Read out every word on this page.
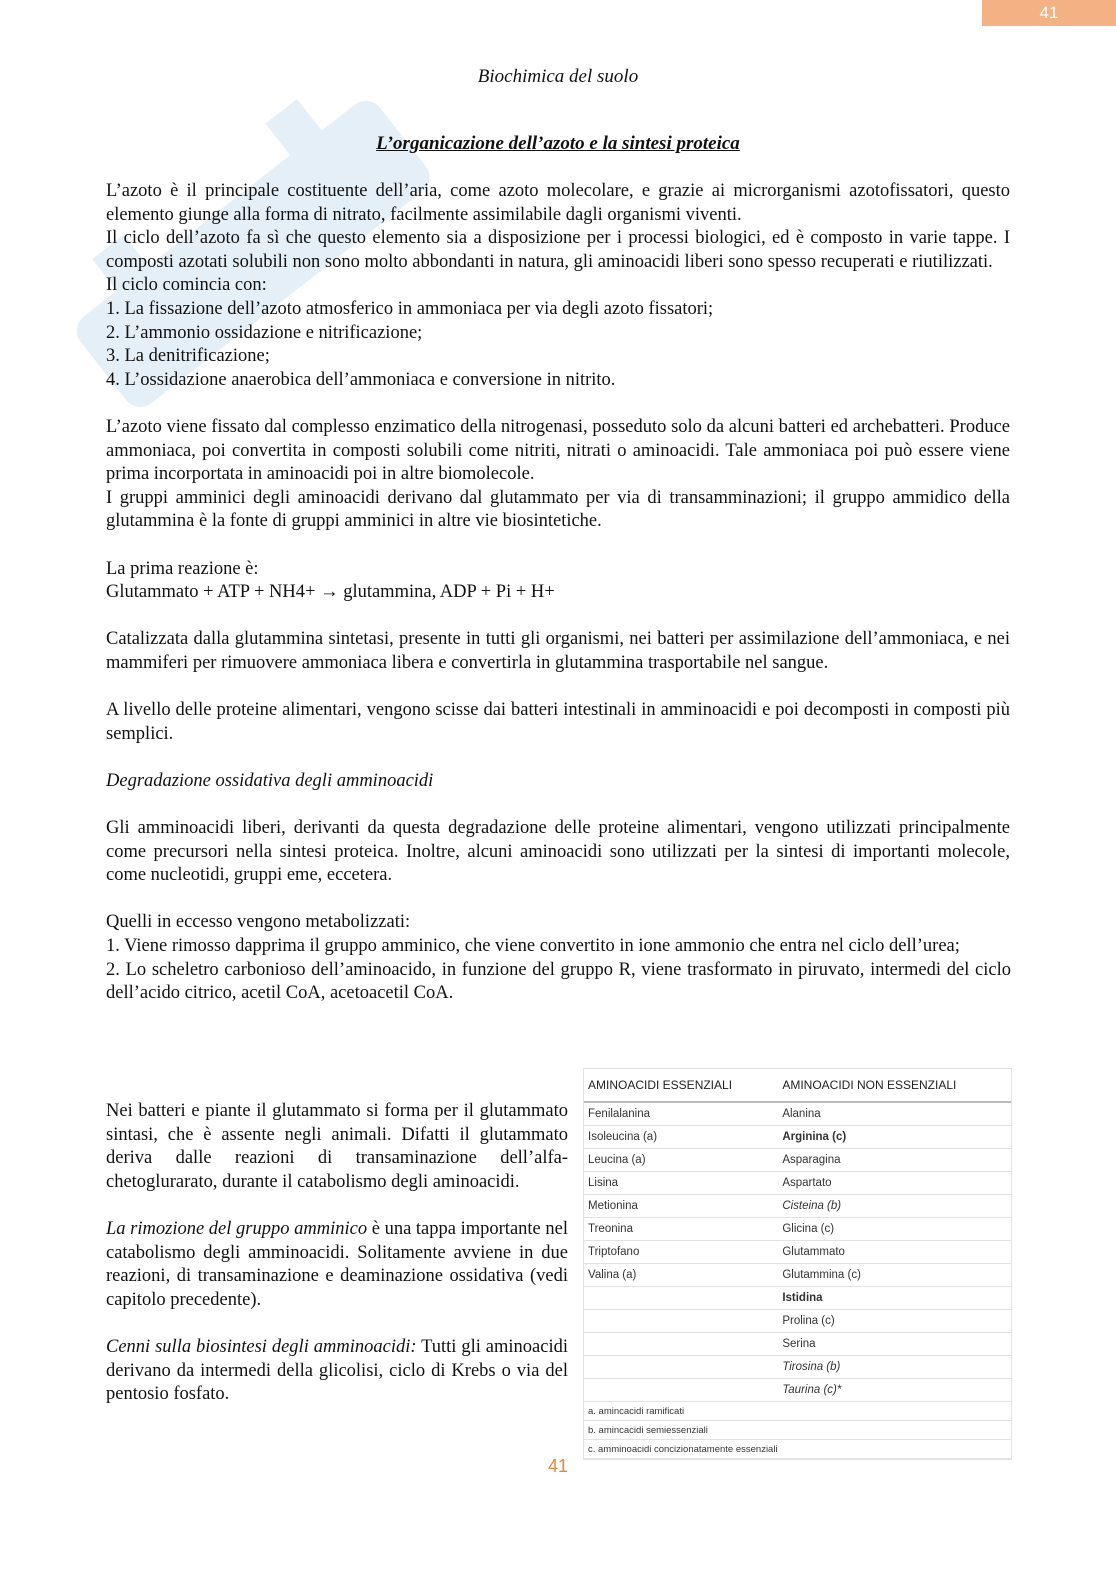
41
Biochimica del suolo
L’organicazione dell’azoto e la sintesi proteica

L’azoto è il principale costituente dell’aria, come azoto molecolare, e grazie ai microrganismi azotofissatori, questo elemento giunge alla forma di nitrato, facilmente assimilabile dagli organismi viventi.

Il ciclo dell’azoto fa sì che questo elemento sia a disposizione per i processi biologici, ed è composto in varie tappe. I composti azotati solubili non sono molto abbondanti in natura, gli aminoacidi liberi sono spesso recuperati e riutilizzati.

Il ciclo comincia con:

1. La fissazione dell’azoto atmosferico in ammoniaca per via degli azoto fissatori;

2. L’ammonio ossidazione e nitrificazione;

3. La denitrificazione;

4. L’ossidazione anaerobica dell’ammoniaca e conversione in nitrito.

L’azoto viene fissato dal complesso enzimatico della nitrogenasi, posseduto solo da alcuni batteri ed archebatteri. Produce ammoniaca, poi convertita in composti solubili come nitriti, nitrati o aminoacidi. Tale ammoniaca poi può essere viene prima incorportata in aminoacidi poi in altre biomolecole.

I gruppi amminici degli aminoacidi derivano dal glutammato per via di transamminazioni; il gruppo ammidico della glutammina è la fonte di gruppi amminici in altre vie biosintetiche.

La prima reazione è:

Glutammato + ATP + NH4+ → glutammina, ADP + Pi + H+

Catalizzata dalla glutammina sintetasi, presente in tutti gli organismi, nei batteri per assimilazione dell’ammoniaca, e nei mammiferi per rimuovere ammoniaca libera e convertirla in glutammina trasportabile nel sangue.

A livello delle proteine alimentari, vengono scisse dai batteri intestinali in amminoacidi e poi decomposti in composti più semplici.

Degradazione ossidativa degli amminoacidi

Gli amminoacidi liberi, derivanti da questa degradazione delle proteine alimentari, vengono utilizzati principalmente come precursori nella sintesi proteica. Inoltre, alcuni aminoacidi sono utilizzati per la sintesi di importanti molecole, come nucleotidi, gruppi eme, eccetera.

Quelli in eccesso vengono metabolizzati:

1. Viene rimosso dapprima il gruppo amminico, che viene convertito in ione ammonio che entra nel ciclo dell’urea;

2. Lo scheletro carbonioso dell’aminoacido, in funzione del gruppo R, viene trasformato in piruvato, intermedi del ciclo dell’acido citrico, acetil CoA, acetoacetil CoA.

Nei batteri e piante il glutammato si forma per il glutammato sintasi, che è assente negli animali. Difatti il glutammato deriva dalle reazioni di transaminazione dell’alfa-chetoglurarato, durante il catabolismo degli aminoacidi.

La rimozione del gruppo amminico è una tappa importante nel catabolismo degli amminoacidi. Solitamente avviene in due reazioni, di transaminazione e deaminazione ossidativa (vedi capitolo precedente).

Cenni sulla biosintesi degli amminoacidi: Tutti gli aminoacidi derivano da intermedi della glicolisi, ciclo di Krebs o via del pentosio fosfato.

AMINOACIDI ESSENZIALI	AMINOACIDI NON ESSENZIALI
Fenilalanina	Alanina
Isoleucina (a)	Arginina (c)
Leucina (a)	Asparagina
Lisina	Aspartato
Metionina	Cisteina (b)
Treonina	Glicina (c)
Triptofano	Glutammato
Valina (a)	Glutammina (c)
	Istidina
	Prolina (c)
	Serina
	Tirosina (b)
	Taurina (c)*
a. amincacidi ramificati	
b. amincacidi semiessenziali	
c. amminoacidi concizionatamente essenziali	
41
